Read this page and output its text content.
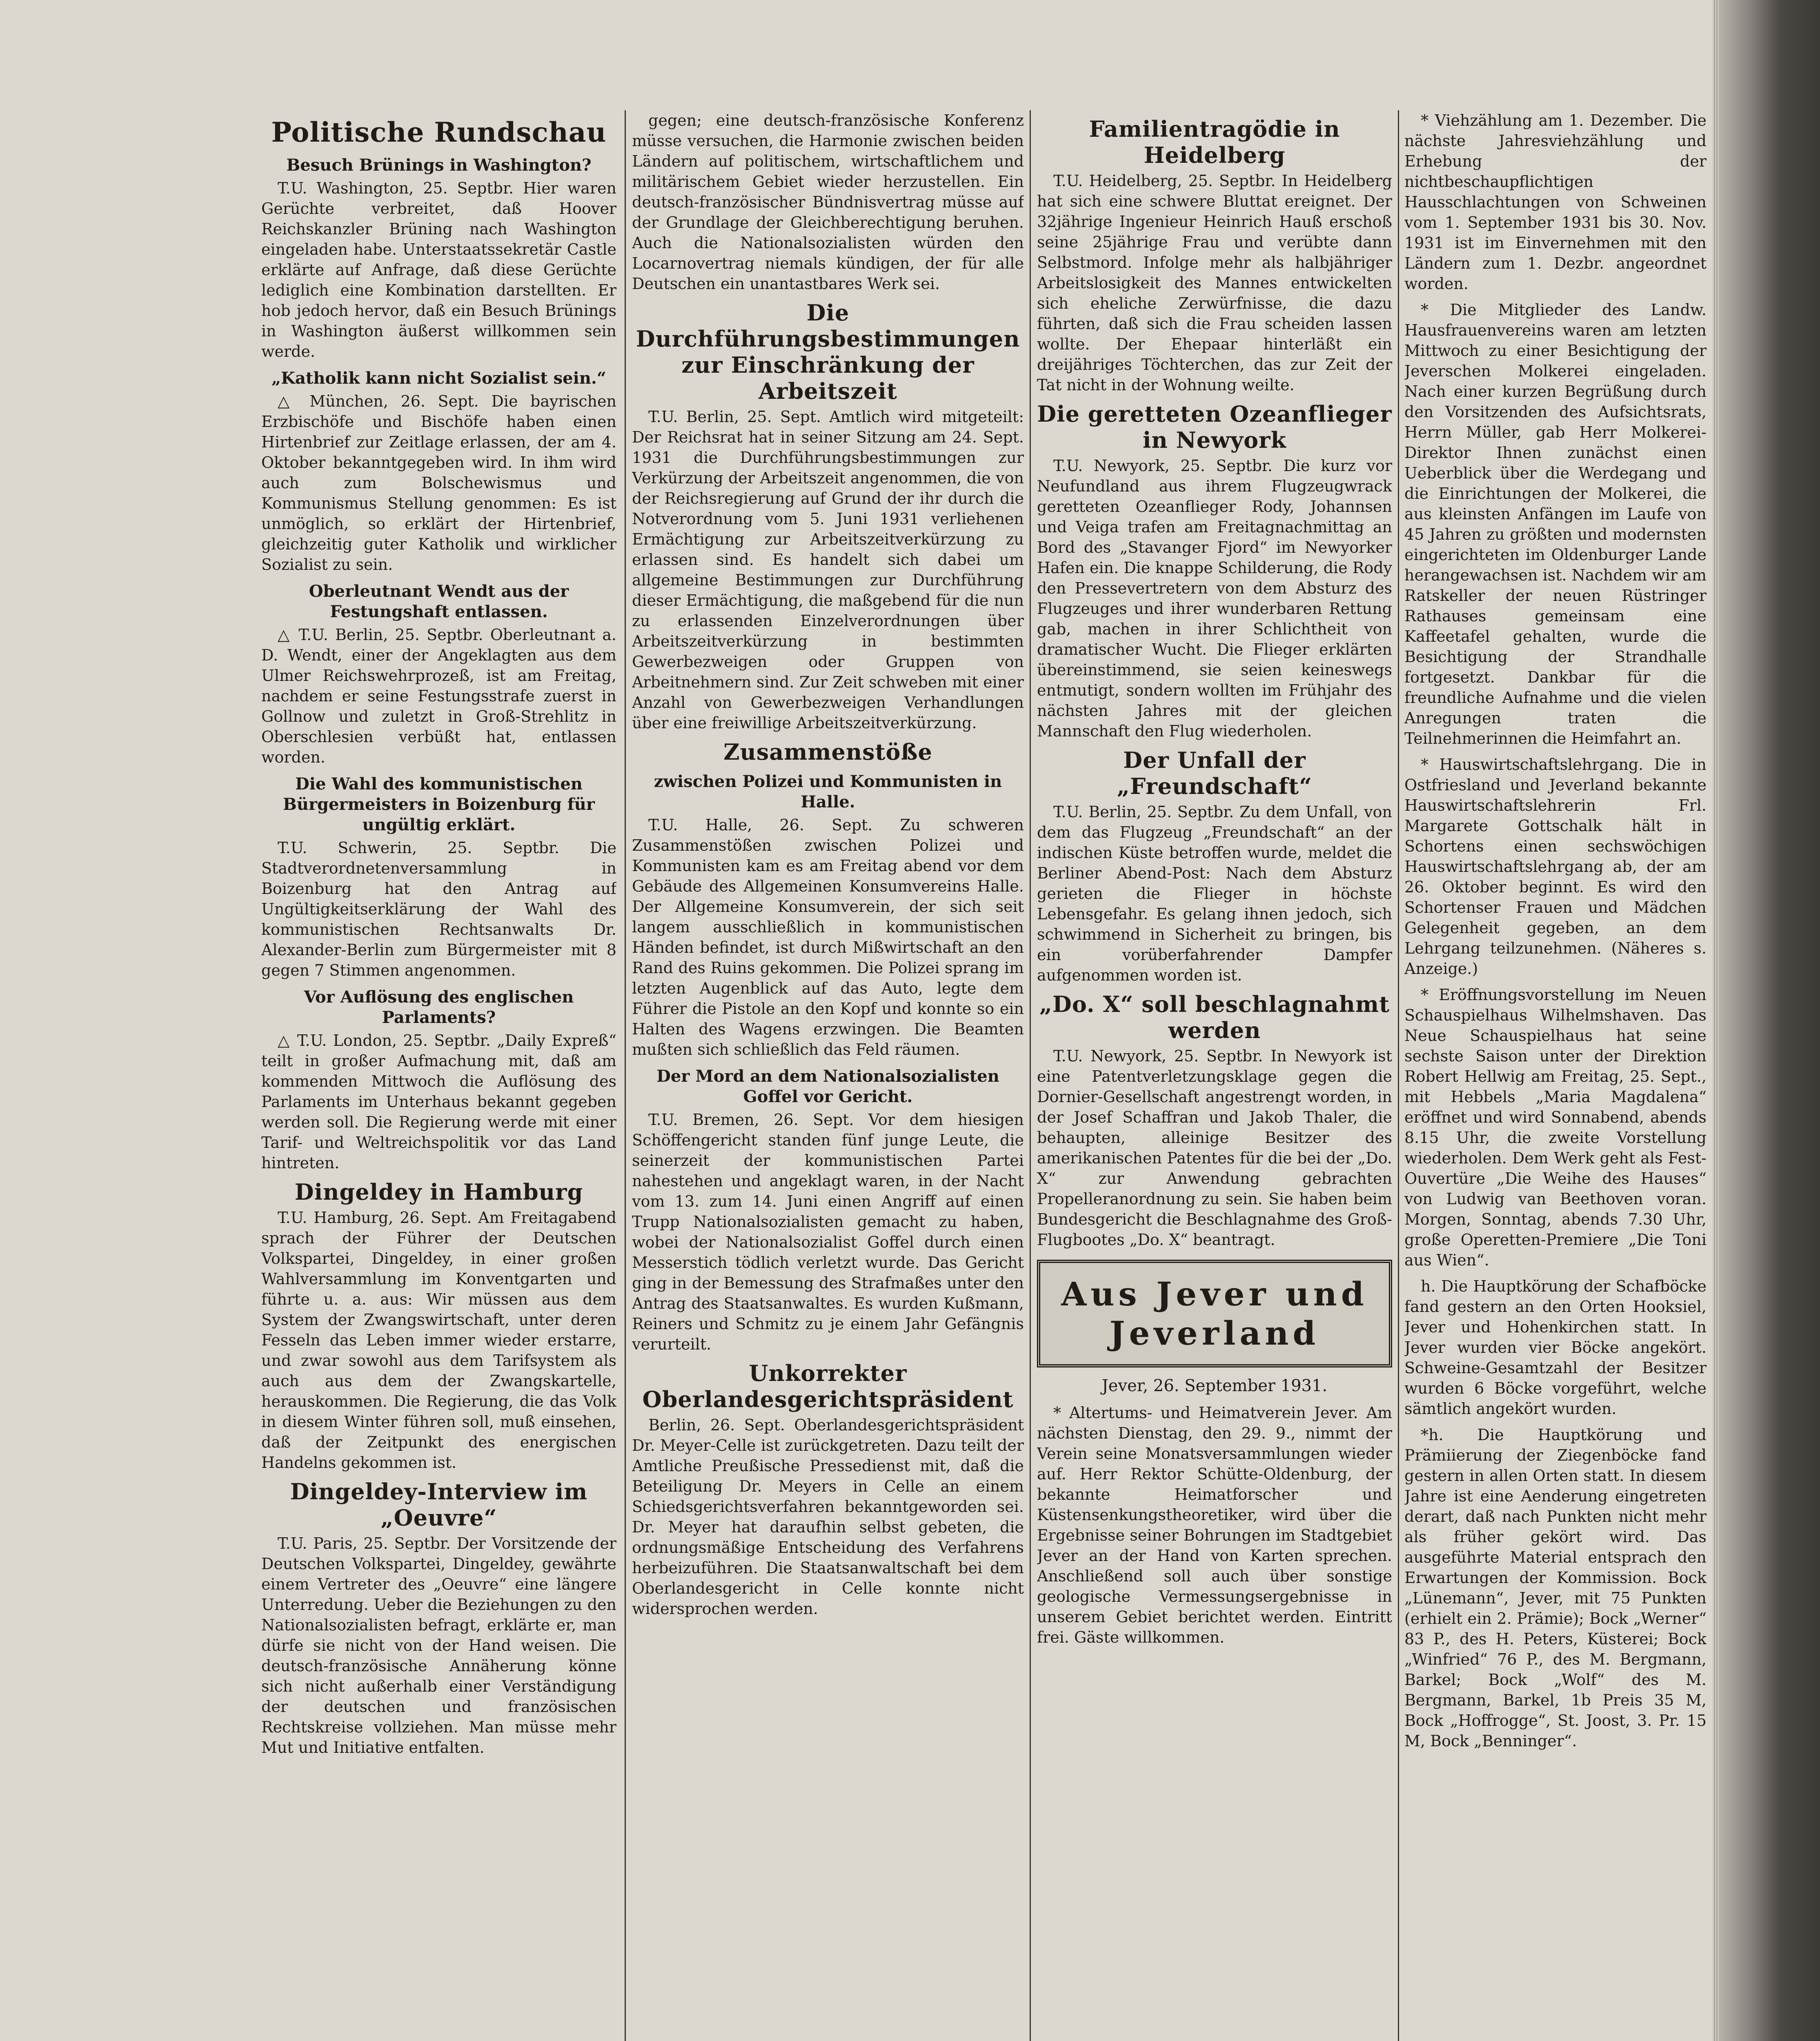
Politische Rundschau
Besuch Brünings in Washington?

T.U. Washington, 25. Septbr. Hier waren Gerüchte verbreitet, daß Hoover Reichskanzler Brüning nach Washington eingeladen habe. Unterstaatssekretär Castle erklärte auf Anfrage, daß diese Gerüchte lediglich eine Kombination darstellten. Er hob jedoch hervor, daß ein Besuch Brünings in Washington äußerst willkommen sein werde.

„Katholik kann nicht Sozialist sein.“

△ München, 26. Sept. Die bayrischen Erzbischöfe und Bischöfe haben einen Hirtenbrief zur Zeitlage erlassen, der am 4. Oktober bekanntgegeben wird. In ihm wird auch zum Bolschewismus und Kommunismus Stellung genommen: Es ist unmöglich, so erklärt der Hirtenbrief, gleichzeitig guter Katholik und wirklicher Sozialist zu sein.

Oberleutnant Wendt aus der Festungshaft entlassen.

△ T.U. Berlin, 25. Septbr. Oberleutnant a. D. Wendt, einer der Angeklagten aus dem Ulmer Reichswehrprozeß, ist am Freitag, nachdem er seine Festungsstrafe zuerst in Gollnow und zuletzt in Groß-Strehlitz in Oberschlesien verbüßt hat, entlassen worden.

Die Wahl des kommunistischen Bürgermeisters in Boizenburg für ungültig erklärt.

T.U. Schwerin, 25. Septbr. Die Stadtverordnetenversammlung in Boizenburg hat den Antrag auf Ungültigkeitserklärung der Wahl des kommunistischen Rechtsanwalts Dr. Alexander-Berlin zum Bürgermeister mit 8 gegen 7 Stimmen angenommen.

Vor Auflösung des englischen Parlaments?

△ T.U. London, 25. Septbr. „Daily Expreß“ teilt in großer Aufmachung mit, daß am kommenden Mittwoch die Auflösung des Parlaments im Unterhaus bekannt gegeben werden soll. Die Regierung werde mit einer Tarif- und Weltreichspolitik vor das Land hintreten.

Dingeldey in Hamburg

T.U. Hamburg, 26. Sept. Am Freitagabend sprach der Führer der Deutschen Volkspartei, Dingeldey, in einer großen Wahlversammlung im Konventgarten und führte u. a. aus: Wir müssen aus dem System der Zwangswirtschaft, unter deren Fesseln das Leben immer wieder erstarre, und zwar sowohl aus dem Tarifsystem als auch aus dem der Zwangskartelle, herauskommen. Die Regierung, die das Volk in diesem Winter führen soll, muß einsehen, daß der Zeitpunkt des energischen Handelns gekommen ist.

Dingeldey-Interview im „Oeuvre“

T.U. Paris, 25. Septbr. Der Vorsitzende der Deutschen Volkspartei, Dingeldey, gewährte einem Vertreter des „Oeuvre“ eine längere Unterredung. Ueber die Beziehungen zu den Nationalsozialisten befragt, erklärte er, man dürfe sie nicht von der Hand weisen. Die deutsch-französische Annäherung könne sich nicht außerhalb einer Verständigung der deutschen und französischen Rechtskreise vollziehen. Man müsse mehr Mut und Initiative entfalten.

gegen; eine deutsch-französische Konferenz müsse versuchen, die Harmonie zwischen beiden Ländern auf politischem, wirtschaftlichem und militärischem Gebiet wieder herzustellen. Ein deutsch-französischer Bündnisvertrag müsse auf der Grundlage der Gleichberechtigung beruhen. Auch die Nationalsozialisten würden den Locarnovertrag niemals kündigen, der für alle Deutschen ein unantastbares Werk sei.

Die Durchführungsbestimmungen zur Einschränkung der Arbeitszeit

T.U. Berlin, 25. Sept. Amtlich wird mitgeteilt: Der Reichsrat hat in seiner Sitzung am 24. Sept. 1931 die Durchführungsbestimmungen zur Verkürzung der Arbeitszeit angenommen, die von der Reichsregierung auf Grund der ihr durch die Notverordnung vom 5. Juni 1931 verliehenen Ermächtigung zur Arbeitszeitverkürzung zu erlassen sind. Es handelt sich dabei um allgemeine Bestimmungen zur Durchführung dieser Ermächtigung, die maßgebend für die nun zu erlassenden Einzelverordnungen über Arbeitszeitverkürzung in bestimmten Gewerbezweigen oder Gruppen von Arbeitnehmern sind. Zur Zeit schweben mit einer Anzahl von Gewerbezweigen Verhandlungen über eine freiwillige Arbeitszeitverkürzung.

Zusammenstöße
zwischen Polizei und Kommunisten in Halle.

T.U. Halle, 26. Sept. Zu schweren Zusammenstößen zwischen Polizei und Kommunisten kam es am Freitag abend vor dem Gebäude des Allgemeinen Konsumvereins Halle. Der Allgemeine Konsumverein, der sich seit langem ausschließlich in kommunistischen Händen befindet, ist durch Mißwirtschaft an den Rand des Ruins gekommen. Die Polizei sprang im letzten Augenblick auf das Auto, legte dem Führer die Pistole an den Kopf und konnte so ein Halten des Wagens erzwingen. Die Beamten mußten sich schließlich das Feld räumen.

Der Mord an dem Nationalsozialisten Goffel vor Gericht.

T.U. Bremen, 26. Sept. Vor dem hiesigen Schöffengericht standen fünf junge Leute, die seinerzeit der kommunistischen Partei nahestehen und angeklagt waren, in der Nacht vom 13. zum 14. Juni einen Angriff auf einen Trupp Nationalsozialisten gemacht zu haben, wobei der Nationalsozialist Goffel durch einen Messerstich tödlich verletzt wurde. Das Gericht ging in der Bemessung des Strafmaßes unter den Antrag des Staatsanwaltes. Es wurden Kußmann, Reiners und Schmitz zu je einem Jahr Gefängnis verurteilt.

Unkorrekter Oberlandesgerichtspräsident

Berlin, 26. Sept. Oberlandesgerichtspräsident Dr. Meyer-Celle ist zurückgetreten. Dazu teilt der Amtliche Preußische Pressedienst mit, daß die Beteiligung Dr. Meyers in Celle an einem Schiedsgerichtsverfahren bekanntgeworden sei. Dr. Meyer hat daraufhin selbst gebeten, die ordnungsmäßige Entscheidung des Verfahrens herbeizuführen. Die Staatsanwaltschaft bei dem Oberlandesgericht in Celle konnte nicht widersprochen werden.

Familientragödie in Heidelberg

T.U. Heidelberg, 25. Septbr. In Heidelberg hat sich eine schwere Bluttat ereignet. Der 32jährige Ingenieur Heinrich Hauß erschoß seine 25jährige Frau und verübte dann Selbstmord. Infolge mehr als halbjähriger Arbeitslosigkeit des Mannes entwickelten sich eheliche Zerwürfnisse, die dazu führten, daß sich die Frau scheiden lassen wollte. Der Ehepaar hinterläßt ein dreijähriges Töchterchen, das zur Zeit der Tat nicht in der Wohnung weilte.

Die geretteten Ozeanflieger in Newyork

T.U. Newyork, 25. Septbr. Die kurz vor Neufundland aus ihrem Flugzeugwrack geretteten Ozeanflieger Rody, Johannsen und Veiga trafen am Freitagnachmittag an Bord des „Stavanger Fjord“ im Newyorker Hafen ein. Die knappe Schilderung, die Rody den Pressevertretern von dem Absturz des Flugzeuges und ihrer wunderbaren Rettung gab, machen in ihrer Schlichtheit von dramatischer Wucht. Die Flieger erklärten übereinstimmend, sie seien keineswegs entmutigt, sondern wollten im Frühjahr des nächsten Jahres mit der gleichen Mannschaft den Flug wiederholen.

Der Unfall der „Freundschaft“

T.U. Berlin, 25. Septbr. Zu dem Unfall, von dem das Flugzeug „Freundschaft“ an der indischen Küste betroffen wurde, meldet die Berliner Abend-Post: Nach dem Absturz gerieten die Flieger in höchste Lebensgefahr. Es gelang ihnen jedoch, sich schwimmend in Sicherheit zu bringen, bis ein vorüberfahrender Dampfer aufgenommen worden ist.

„Do. X“ soll beschlagnahmt werden

T.U. Newyork, 25. Septbr. In Newyork ist eine Patentverletzungsklage gegen die Dornier-Gesellschaft angestrengt worden, in der Josef Schaffran und Jakob Thaler, die behaupten, alleinige Besitzer des amerikanischen Patentes für die bei der „Do. X“ zur Anwendung gebrachten Propelleranordnung zu sein. Sie haben beim Bundesgericht die Beschlagnahme des Groß-Flugbootes „Do. X“ beantragt.

Aus Jever und Jeverland
Jever, 26. September 1931.

* Altertums- und Heimatverein Jever. Am nächsten Dienstag, den 29. 9., nimmt der Verein seine Monatsversammlungen wieder auf. Herr Rektor Schütte-Oldenburg, der bekannte Heimatforscher und Küstensenkungstheoretiker, wird über die Ergebnisse seiner Bohrungen im Stadtgebiet Jever an der Hand von Karten sprechen. Anschließend soll auch über sonstige geologische Vermessungsergebnisse in unserem Gebiet berichtet werden. Eintritt frei. Gäste willkommen.

* Viehzählung am 1. Dezember. Die nächste Jahresviehzählung und Erhebung der nichtbeschaupflichtigen Hausschlachtungen von Schweinen vom 1. September 1931 bis 30. Nov. 1931 ist im Einvernehmen mit den Ländern zum 1. Dezbr. angeordnet worden.

* Die Mitglieder des Landw. Hausfrauenvereins waren am letzten Mittwoch zu einer Besichtigung der Jeverschen Molkerei eingeladen. Nach einer kurzen Begrüßung durch den Vorsitzenden des Aufsichtsrats, Herrn Müller, gab Herr Molkerei-Direktor Ihnen zunächst einen Ueberblick über die Werdegang und die Einrichtungen der Molkerei, die aus kleinsten Anfängen im Laufe von 45 Jahren zu größten und modernsten eingerichteten im Oldenburger Lande herangewachsen ist. Nachdem wir am Ratskeller der neuen Rüstringer Rathauses gemeinsam eine Kaffeetafel gehalten, wurde die Besichtigung der Strandhalle fortgesetzt. Dankbar für die freundliche Aufnahme und die vielen Anregungen traten die Teilnehmerinnen die Heimfahrt an.

* Hauswirtschaftslehrgang. Die in Ostfriesland und Jeverland bekannte Hauswirtschaftslehrerin Frl. Margarete Gottschalk hält in Schortens einen sechswöchigen Hauswirtschaftslehrgang ab, der am 26. Oktober beginnt. Es wird den Schortenser Frauen und Mädchen Gelegenheit gegeben, an dem Lehrgang teilzunehmen. (Näheres s. Anzeige.)

* Eröffnungsvorstellung im Neuen Schauspielhaus Wilhelmshaven. Das Neue Schauspielhaus hat seine sechste Saison unter der Direktion Robert Hellwig am Freitag, 25. Sept., mit Hebbels „Maria Magdalena“ eröffnet und wird Sonnabend, abends 8.15 Uhr, die zweite Vorstellung wiederholen. Dem Werk geht als Fest-Ouvertüre „Die Weihe des Hauses“ von Ludwig van Beethoven voran. Morgen, Sonntag, abends 7.30 Uhr, große Operetten-Premiere „Die Toni aus Wien“.

h. Die Hauptkörung der Schafböcke fand gestern an den Orten Hooksiel, Jever und Hohenkirchen statt. In Jever wurden vier Böcke angekört. Schweine-Gesamtzahl der Besitzer wurden 6 Böcke vorgeführt, welche sämtlich angekört wurden.

*h. Die Hauptkörung und Prämiierung der Ziegenböcke fand gestern in allen Orten statt. In diesem Jahre ist eine Aenderung eingetreten derart, daß nach Punkten nicht mehr als früher gekört wird. Das ausgeführte Material entsprach den Erwartungen der Kommission. Bock „Lünemann“, Jever, mit 75 Punkten (erhielt ein 2. Prämie); Bock „Werner“ 83 P., des H. Peters, Küsterei; Bock „Winfried“ 76 P., des M. Bergmann, Barkel; Bock „Wolf“ des M. Bergmann, Barkel, 1b Preis 35 M, Bock „Hoffrogge“, St. Joost, 3. Pr. 15 M, Bock „Benninger“.
